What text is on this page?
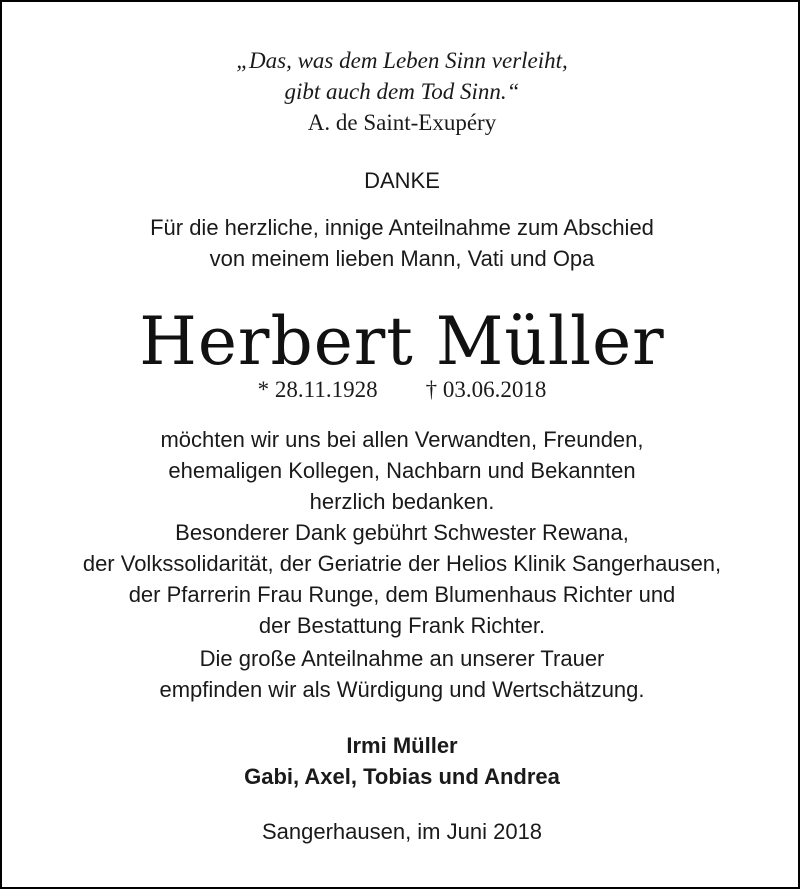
„Das, was dem Leben Sinn verleiht,
gibt auch dem Tod Sinn.“
A. de Saint-Exupéry
DANKE
Für die herzliche, innige Anteilnahme zum Abschied
von meinem lieben Mann, Vati und Opa
Herbert Müller
* 28.11.1928 † 03.06.2018
möchten wir uns bei allen Verwandten, Freunden,
ehemaligen Kollegen, Nachbarn und Bekannten
herzlich bedanken.
Besonderer Dank gebührt Schwester Rewana,
der Volkssolidarität, der Geriatrie der Helios Klinik Sangerhausen,
der Pfarrerin Frau Runge, dem Blumenhaus Richter und
der Bestattung Frank Richter.
Die große Anteilnahme an unserer Trauer
empfinden wir als Würdigung und Wertschätzung.
Irmi Müller
Gabi, Axel, Tobias und Andrea
Sangerhausen, im Juni 2018
